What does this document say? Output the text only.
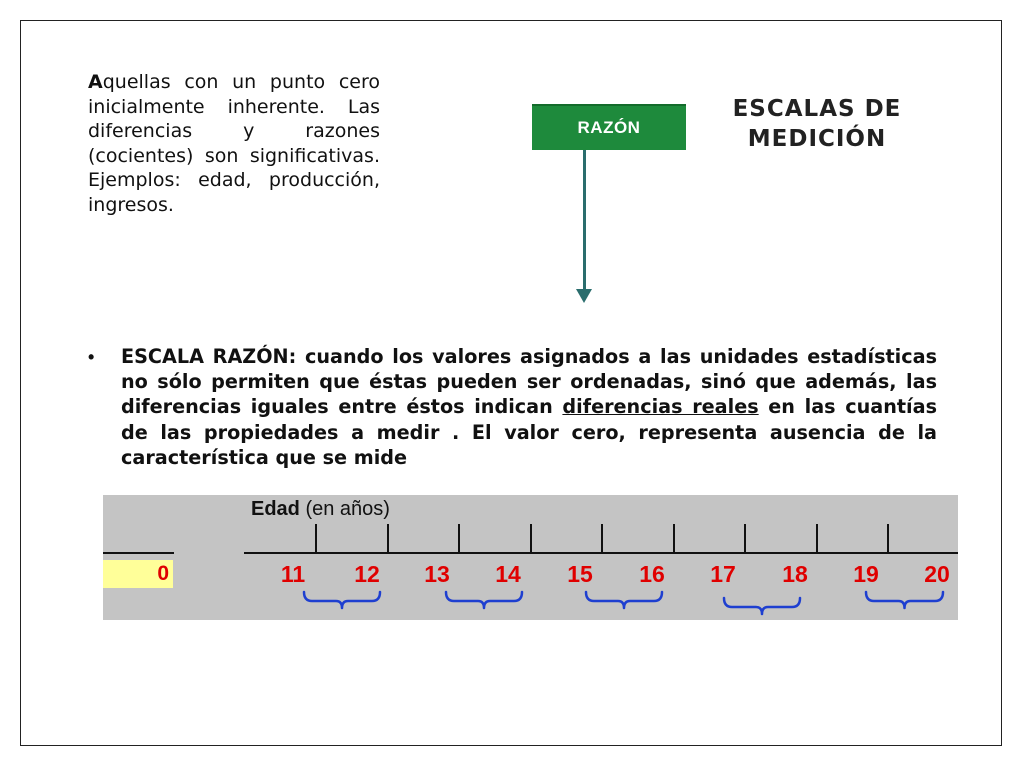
Aquellas con un punto cero inicialmente inherente. Las diferencias y razones (cocientes) son significativas. Ejemplos: edad, producción, ingresos.
RAZÓN
ESCALAS DE
MEDICIÓN
• ESCALA RAZÓN: cuando los valores asignados a las unidades estadísticas no sólo permiten que éstas pueden ser ordenadas, sinó que además, las diferencias iguales entre éstos indican diferencias reales en las cuantías de las propiedades a medir . El valor cero, representa ausencia de la característica que se mide
Edad (en años)
0	11 12 13 14 15 16 17 18 19 20
